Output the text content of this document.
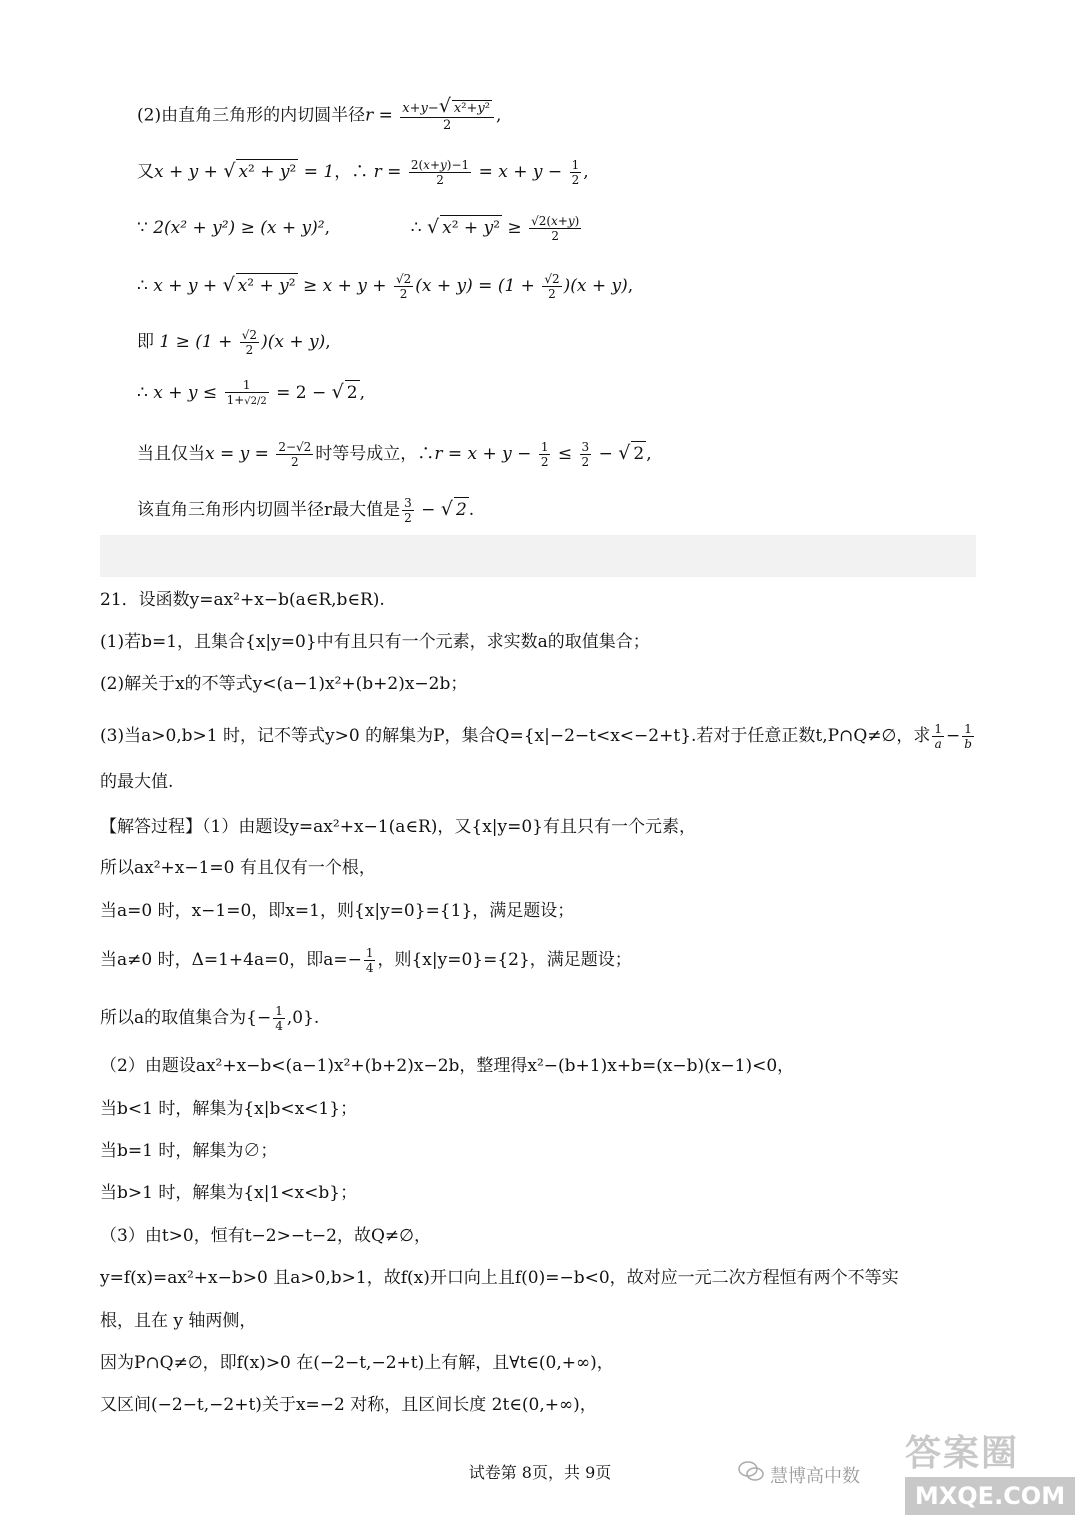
(2)由直角三角形的内切圆半径$r = \frac{\text{x+y−√ x²+y²}}{2}$ ,
又x + y + √ x² + y² = 1，∴ $r = \frac{2(x+y)-1}{2} = x + y - \frac{1}{2}$ ,
∵ 2(x² + y²) ≥ (x + y)²,	∴ √ $x^2 + y^2 \ge \frac{√2(x+y)}{2}$
∴ x + y + √ $x^2 + y^2 \ge x + y + \frac{√2}{2} (x + y) = (1 + \frac{√2}{2} )(x + y)$,
即 $1 \ge (1 + \frac{√2}{2} )(x + y)$,
∴ $x + y \le \frac{1}{1+√2/2} = 2$ − √ 2 ,
当且仅当$x = y = \frac{2-√2}{2}$ 时等号成立，∴r = $x + y - \frac{1}{2} \le \frac{3}{2}$ − √ 2 ,
该直角三角形内切圆半径r最大值是 $\frac{3}{2}$ − √ 2 .
21．设函数y=ax²+x−b(a∈R,b∈R).
(1)若b=1，且集合{x|y=0}中有且只有一个元素，求实数a的取值集合；
(2)解关于x的不等式y<(a−1)x²+(b+2)x−2b；
(3)当a>0,b>1 时，记不等式y>0 的解集为P，集合Q={x|−2−t<x<−2+t}.若对于任意正数t,P∩Q≠∅，求 $\frac{1}{a} - \frac{1}{b}$
的最大值.
【解答过程】（1）由题设y=ax²+x−1(a∈R)，又{x|y=0}有且只有一个元素，
所以ax²+x−1=0 有且仅有一个根，
当a=0 时，x−1=0，即x=1，则{x|y=0}={1}，满足题设；
当a≠0 时，Δ=1+4a=0，即$a=- \frac{1}{4}$ ，则{x|y=0}={2}，满足题设；
所以a的取值集合为{− $\frac{1}{4} ,0$}.
（2）由题设ax²+x−b<(a−1)x²+(b+2)x−2b，整理得x²−(b+1)x+b=(x−b)(x−1)<0，
当b<1 时，解集为{x|b<x<1}；
当b=1 时，解集为∅；
当b>1 时，解集为{x|1<x<b}；
（3）由t>0，恒有t−2>−t−2，故Q≠∅，
y=f(x)=ax²+x−b>0 且a>0,b>1，故f(x)开口向上且f(0)=−b<0，故对应一元二次方程恒有两个不等实
根，且在 y 轴两侧，
因为P∩Q≠∅，即f(x)>0 在(−2−t,−2+t)上有解，且∀t∈(0,+∞)，
又区间(−2−t,−2+t)关于x=−2 对称，且区间长度 2t∈(0,+∞)，
试卷第 8页，共 9页	慧博高中数
答案圈
MXQE.COM
